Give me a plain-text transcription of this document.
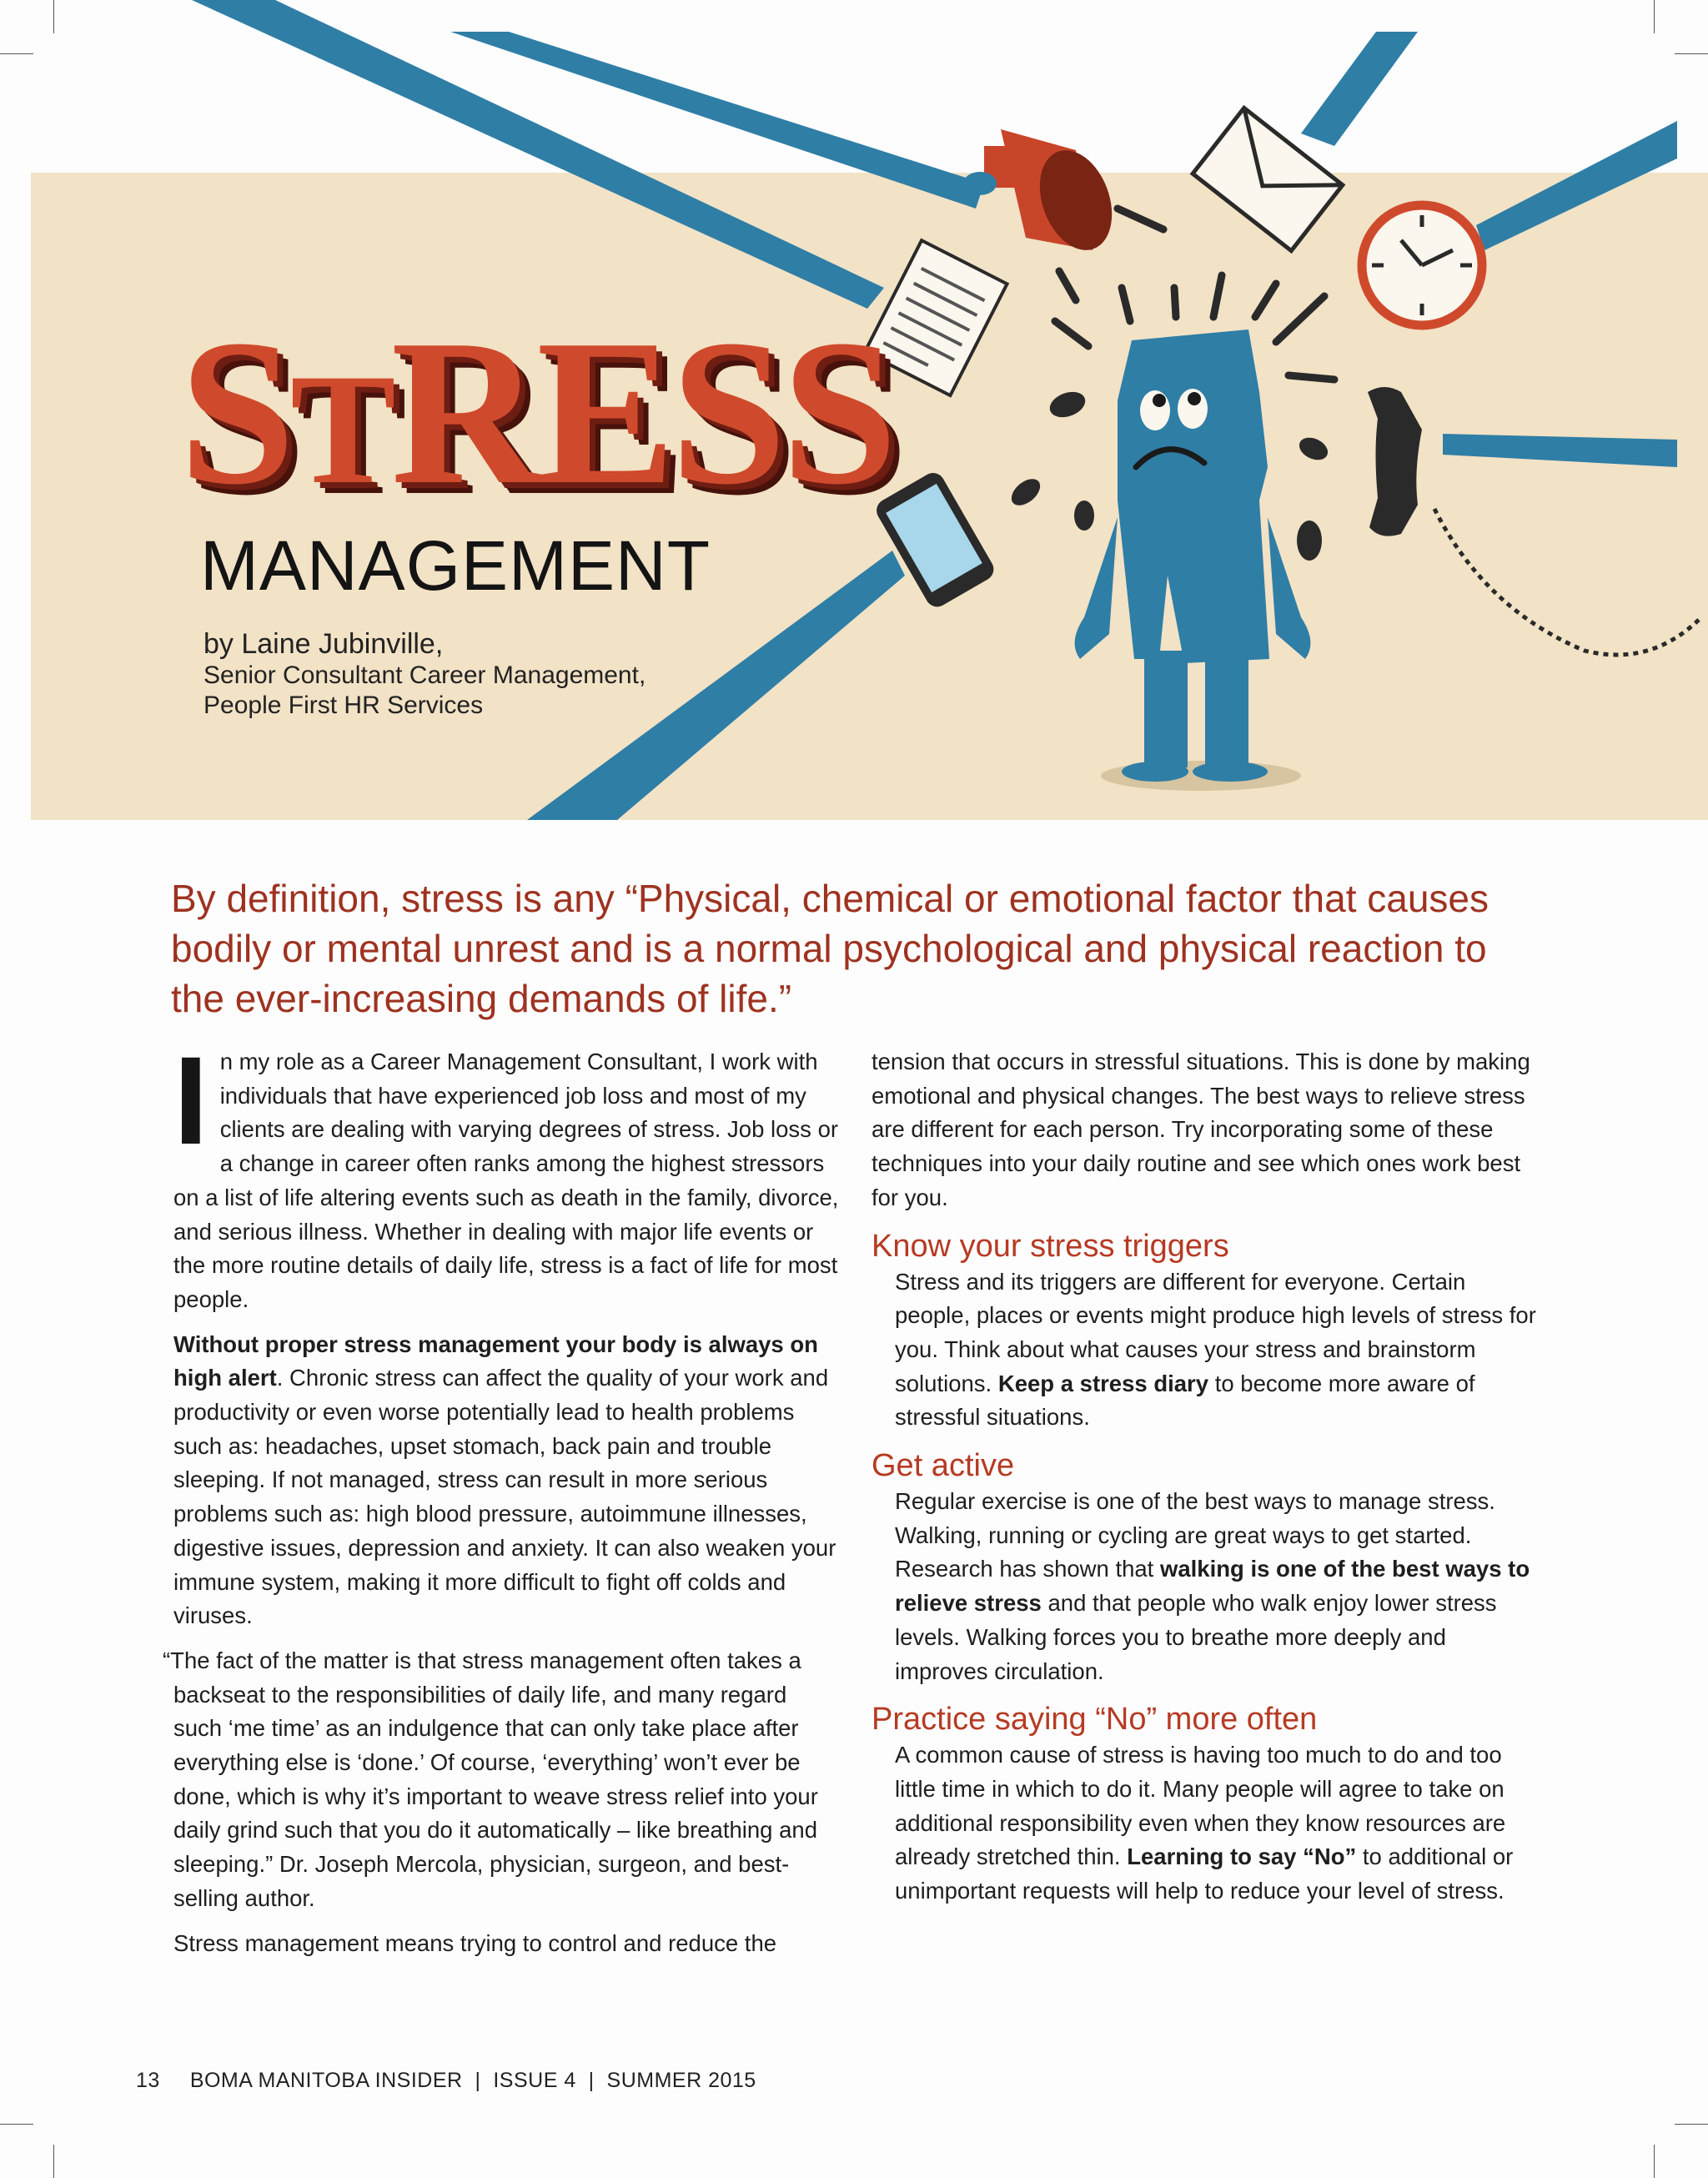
STRESS
MANAGEMENT
by Laine Jubinville,
Senior Consultant Career Management,
People First HR Services
By definition, stress is any “Physical, chemical or emotional factor that causes bodily or mental unrest and is a normal psychological and physical reaction to the ever-increasing demands of life.”

In my role as a Career Management Consultant, I work with individuals that have experienced job loss and most of my clients are dealing with varying degrees of stress. Job loss or a change in career often ranks among the highest stressors on a list of life altering events such as death in the family, divorce, and serious illness. Whether in dealing with major life events or the more routine details of daily life, stress is a fact of life for most people.

Without proper stress management your body is always on high alert. Chronic stress can affect the quality of your work and productivity or even worse potentially lead to health problems such as: headaches, upset stomach, back pain and trouble sleeping. If not managed, stress can result in more serious problems such as: high blood pressure, autoimmune illnesses, digestive issues, depression and anxiety. It can also weaken your immune system, making it more difficult to fight off colds and viruses.

“The fact of the matter is that stress management often takes a backseat to the responsibilities of daily life, and many regard such ‘me time’ as an indulgence that can only take place after everything else is ‘done.’ Of course, ‘everything’ won’t ever be done, which is why it’s important to weave stress relief into your daily grind such that you do it automatically – like breathing and sleeping.” Dr. Joseph Mercola, physician, surgeon, and best-selling author.

Stress management means trying to control and reduce the

tension that occurs in stressful situations. This is done by making emotional and physical changes. The best ways to relieve stress are different for each person. Try incorporating some of these techniques into your daily routine and see which ones work best for you.

Know your stress triggers

Stress and its triggers are different for everyone. Certain people, places or events might produce high levels of stress for you. Think about what causes your stress and brainstorm solutions. Keep a stress diary to become more aware of stressful situations.

Get active

Regular exercise is one of the best ways to manage stress. Walking, running or cycling are great ways to get started. Research has shown that walking is one of the best ways to relieve stress and that people who walk enjoy lower stress levels. Walking forces you to breathe more deeply and improves circulation.

Practice saying “No” more often

A common cause of stress is having too much to do and too little time in which to do it. Many people will agree to take on additional responsibility even when they know resources are already stretched thin. Learning to say “No” to additional or unimportant requests will help to reduce your level of stress.

13 BOMA MANITOBA INSIDER  |  ISSUE 4  |  SUMMER 2015
